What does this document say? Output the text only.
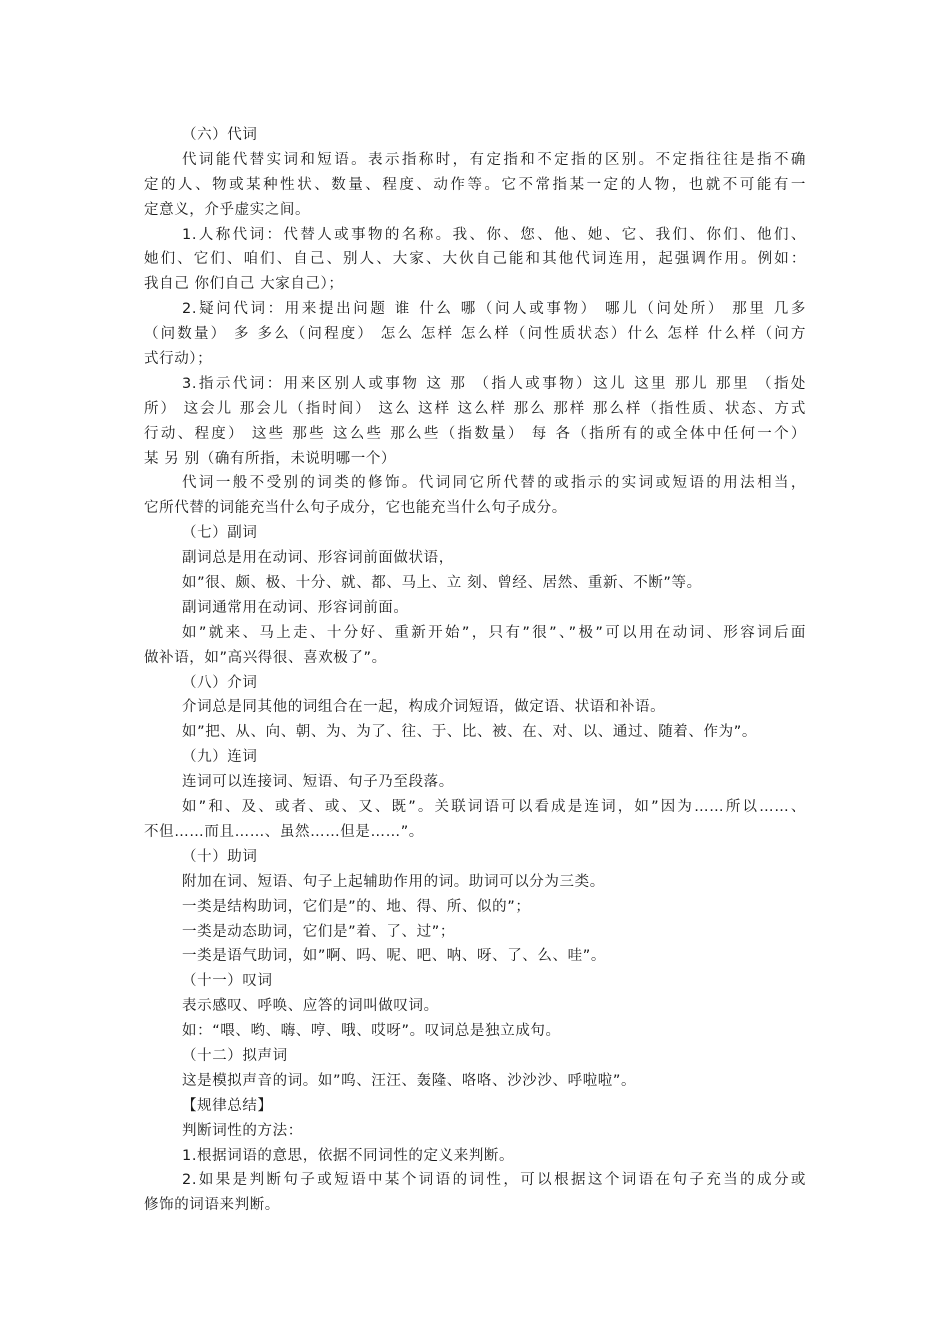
（六）代词
代词能代替实词和短语。表示指称时，有定指和不定指的区别。不定指往往是指不确
定的人、物或某种性状、数量、程度、动作等。它不常指某一定的人物，也就不可能有一
定意义，介乎虚实之间。
1.人称代词：代替人或事物的名称。我、你、您、他、她、它、我们、你们、他们、
她们、它们、咱们、自己、别人、大家、大伙自己能和其他代词连用，起强调作用。例如：
我自己 你们自己 大家自己）；
2.疑问代词：用来提出问题 谁 什么 哪（问人或事物） 哪儿（问处所） 那里 几多
（问数量） 多 多么（问程度） 怎么 怎样 怎么样（问性质状态）什么 怎样 什么样（问方
式行动）；
3.指示代词：用来区别人或事物 这 那 （指人或事物）这儿 这里 那儿 那里 （指处
所） 这会儿 那会儿（指时间） 这么 这样 这么样 那么 那样 那么样（指性质、状态、方式
行动、程度） 这些 那些 这么些 那么些（指数量） 每 各（指所有的或全体中任何一个）
某 另 别（确有所指，未说明哪一个）
代词一般不受别的词类的修饰。代词同它所代替的或指示的实词或短语的用法相当，
它所代替的词能充当什么句子成分，它也能充当什么句子成分。
（七）副词
副词总是用在动词、形容词前面做状语，
如”很、颇、极、十分、就、都、马上、立 刻、曾经、居然、重新、不断”等。
副词通常用在动词、形容词前面。
如”就来、马上走、十分好、重新开始”，只有”很”、”极”可以用在动词、形容词后面
做补语，如”高兴得很、喜欢极了”。
（八）介词
介词总是同其他的词组合在一起，构成介词短语，做定语、状语和补语。
如”把、从、向、朝、为、为了、往、于、比、被、在、对、以、通过、随着、作为”。
（九）连词
连词可以连接词、短语、句子乃至段落。
如”和、及、或者、或、又、既”。关联词语可以看成是连词，如”因为……所以……、
不但……而且……、虽然……但是……”。
（十）助词
附加在词、短语、句子上起辅助作用的词。助词可以分为三类。
一类是结构助词，它们是”的、地、得、所、似的”；
一类是动态助词，它们是”着、了、过”；
一类是语气助词，如”啊、吗、呢、吧、呐、呀、了、么、哇”。
（十一）叹词
表示感叹、呼唤、应答的词叫做叹词。
如：“喂、哟、嗨、哼、哦、哎呀”。叹词总是独立成句。
（十二）拟声词
这是模拟声音的词。如”呜、汪汪、轰隆、咯咯、沙沙沙、呼啦啦”。
【规律总结】
判断词性的方法：
1.根据词语的意思，依据不同词性的定义来判断。
2.如果是判断句子或短语中某个词语的词性，可以根据这个词语在句子充当的成分或
修饰的词语来判断。
